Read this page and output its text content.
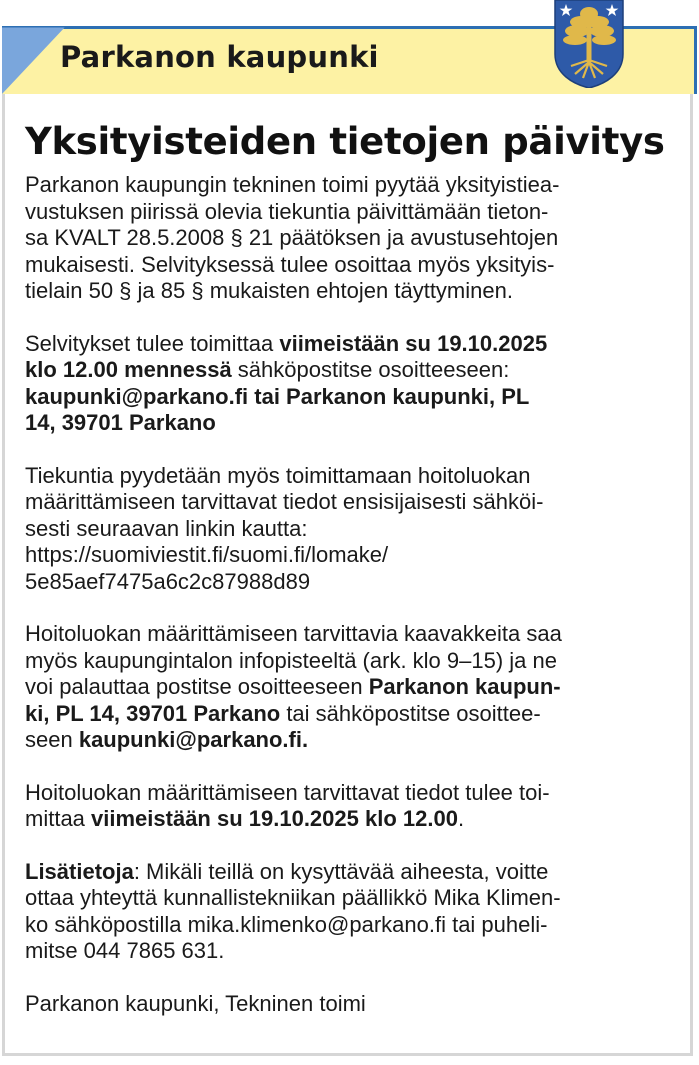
Parkanon kaupunki
Yksityisteiden tietojen päivitys

Parkanon kaupungin tekninen toimi pyytää yksityistiea-
vustuksen piirissä olevia tiekuntia päivittämään tieton-
sa KVALT 28.5.2008 § 21 päätöksen ja avustusehtojen
mukaisesti. Selvityksessä tulee osoittaa myös yksityis-
tielain 50 § ja 85 § mukaisten ehtojen täyttyminen.

Selvitykset tulee toimittaa viimeistään su 19.10.2025
klo 12.00 mennessä sähköpostitse osoitteeseen:
kaupunki@parkano.fi tai Parkanon kaupunki, PL
14, 39701 Parkano

Tiekuntia pyydetään myös toimittamaan hoitoluokan
määrittämiseen tarvittavat tiedot ensisijaisesti sähköi-
sesti seuraavan linkin kautta:
https://suomiviestit.fi/suomi.fi/lomake/
5e85aef7475a6c2c87988d89

Hoitoluokan määrittämiseen tarvittavia kaavakkeita saa
myös kaupungintalon infopisteeltä (ark. klo 9–15) ja ne
voi palauttaa postitse osoitteeseen Parkanon kaupun-
ki, PL 14, 39701 Parkano tai sähköpostitse osoittee-
seen kaupunki@parkano.fi.

Hoitoluokan määrittämiseen tarvittavat tiedot tulee toi-
mittaa viimeistään su 19.10.2025 klo 12.00.

Lisätietoja: Mikäli teillä on kysyttävää aiheesta, voitte
ottaa yhteyttä kunnallistekniikan päällikkö Mika Klimen-
ko sähköpostilla mika.klimenko@parkano.fi tai puheli-
mitse 044 7865 631.

Parkanon kaupunki, Tekninen toimi
